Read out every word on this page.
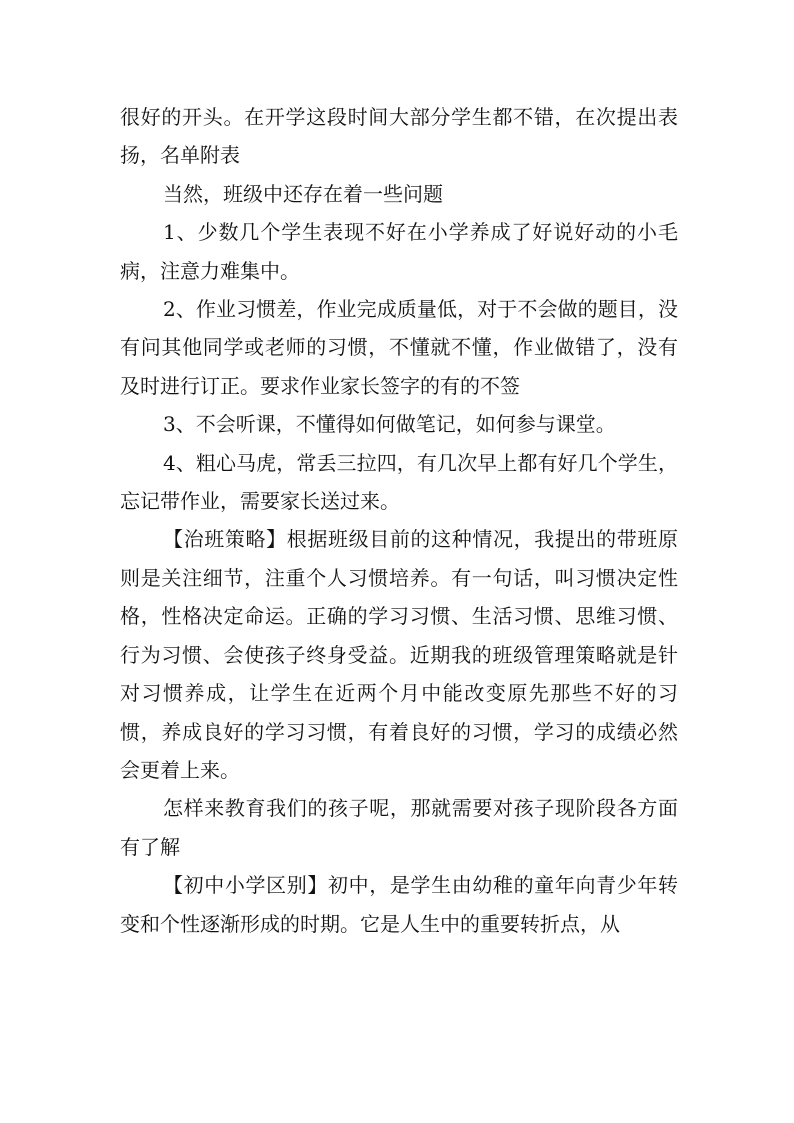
很好的开头。在开学这段时间大部分学生都不错，在次提出表扬，名单附表

当然，班级中还存在着一些问题

1、少数几个学生表现不好在小学养成了好说好动的小毛病，注意力难集中。

2、作业习惯差，作业完成质量低，对于不会做的题目，没有问其他同学或老师的习惯，不懂就不懂，作业做错了，没有及时进行订正。要求作业家长签字的有的不签

3、不会听课，不懂得如何做笔记，如何参与课堂。

4、粗心马虎，常丢三拉四，有几次早上都有好几个学生，忘记带作业，需要家长送过来。

【治班策略】根据班级目前的这种情况，我提出的带班原则是关注细节，注重个人习惯培养。有一句话，叫习惯决定性格，性格决定命运。正确的学习习惯、生活习惯、思维习惯、行为习惯、会使孩子终身受益。近期我的班级管理策略就是针对习惯养成，让学生在近两个月中能改变原先那些不好的习惯，养成良好的学习习惯，有着良好的习惯，学习的成绩必然会更着上来。

怎样来教育我们的孩子呢，那就需要对孩子现阶段各方面有了解

【初中小学区别】初中，是学生由幼稚的童年向青少年转变和个性逐渐形成的时期。它是人生中的重要转折点，从
